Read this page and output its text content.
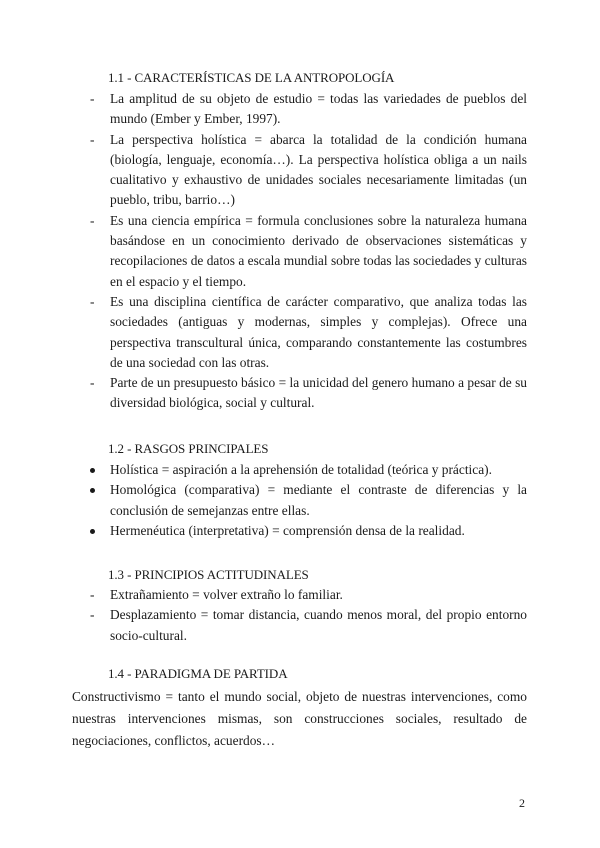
1.1 - CARACTERÍSTICAS DE LA ANTROPOLOGÍA
-
La amplitud de su objeto de estudio = todas las variedades de pueblos del mundo (Ember y Ember, 1997).
-
La perspectiva holística = abarca la totalidad de la condición humana (biología, lenguaje, economía…). La perspectiva holística obliga a un nails cualitativo y exhaustivo de unidades sociales necesariamente limitadas (un pueblo, tribu, barrio…)
-
Es una ciencia empírica = formula conclusiones sobre la naturaleza humana basándose en un conocimiento derivado de observaciones sistemáticas y recopilaciones de datos a escala mundial sobre todas las sociedades y culturas en el espacio y el tiempo.
-
Es una disciplina científica de carácter comparativo, que analiza todas las sociedades (antiguas y modernas, simples y complejas). Ofrece una perspectiva transcultural única, comparando constantemente las costumbres de una sociedad con las otras.
-
Parte de un presupuesto básico = la unicidad del genero humano a pesar de su diversidad biológica, social y cultural.
1.2 - RASGOS PRINCIPALES
Holística = aspiración a la aprehensión de totalidad (teórica y práctica).
Homológica (comparativa) = mediante el contraste de diferencias y la conclusión de semejanzas entre ellas.
Hermenéutica (interpretativa) = comprensión densa de la realidad.
1.3 - PRINCIPIOS ACTITUDINALES
-
Extrañamiento = volver extraño lo familiar.
-
Desplazamiento = tomar distancia, cuando menos moral, del propio entorno socio-cultural.
1.4 - PARADIGMA DE PARTIDA

Constructivismo = tanto el mundo social, objeto de nuestras intervenciones, como nuestras intervenciones mismas, son construcciones sociales, resultado de negociaciones, conflictos, acuerdos…

2
